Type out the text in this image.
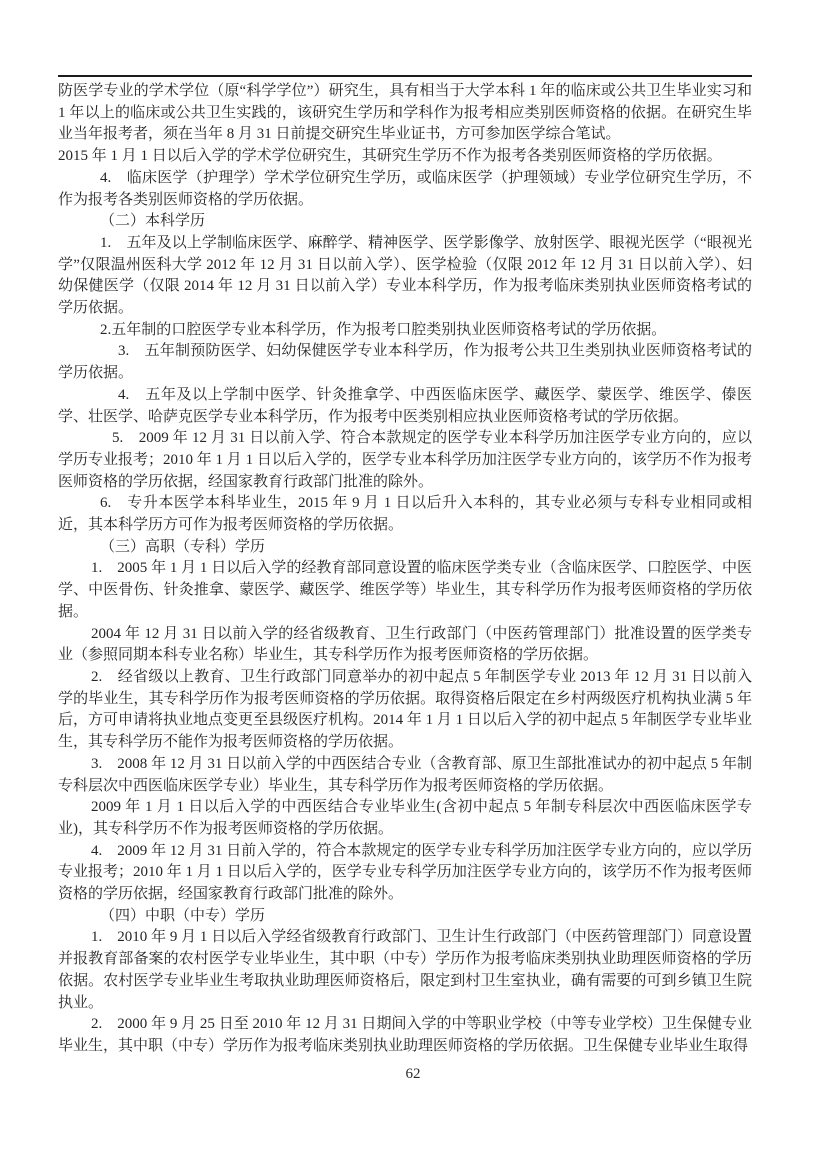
防医学专业的学术学位（原“科学学位”）研究生，具有相当于大学本科 1 年的临床或公共卫生毕业实习和 1 年以上的临床或公共卫生实践的，该研究生学历和学科作为报考相应类别医师资格的依据。在研究生毕业当年报考者，须在当年 8 月 31 日前提交研究生毕业证书，方可参加医学综合笔试。

2015 年 1 月 1 日以后入学的学术学位研究生，其研究生学历不作为报考各类别医师资格的学历依据。

4.　临床医学（护理学）学术学位研究生学历，或临床医学（护理领域）专业学位研究生学历，不作为报考各类别医师资格的学历依据。

（二）本科学历

1.　五年及以上学制临床医学、麻醉学、精神医学、医学影像学、放射医学、眼视光医学（“眼视光学”仅限温州医科大学 2012 年 12 月 31 日以前入学）、医学检验（仅限 2012 年 12 月 31 日以前入学）、妇幼保健医学（仅限 2014 年 12 月 31 日以前入学）专业本科学历，作为报考临床类别执业医师资格考试的学历依据。

2.五年制的口腔医学专业本科学历，作为报考口腔类别执业医师资格考试的学历依据。

3.　五年制预防医学、妇幼保健医学专业本科学历，作为报考公共卫生类别执业医师资格考试的学历依据。

4.　五年及以上学制中医学、针灸推拿学、中西医临床医学、藏医学、蒙医学、维医学、傣医学、壮医学、哈萨克医学专业本科学历，作为报考中医类别相应执业医师资格考试的学历依据。

5.　2009 年 12 月 31 日以前入学、符合本款规定的医学专业本科学历加注医学专业方向的，应以学历专业报考；2010 年 1 月 1 日以后入学的，医学专业本科学历加注医学专业方向的，该学历不作为报考医师资格的学历依据，经国家教育行政部门批准的除外。

6.　专升本医学本科毕业生，2015 年 9 月 1 日以后升入本科的，其专业必须与专科专业相同或相近，其本科学历方可作为报考医师资格的学历依据。

（三）高职（专科）学历

1.　2005 年 1 月 1 日以后入学的经教育部同意设置的临床医学类专业（含临床医学、口腔医学、中医学、中医骨伤、针灸推拿、蒙医学、藏医学、维医学等）毕业生，其专科学历作为报考医师资格的学历依据。

2004 年 12 月 31 日以前入学的经省级教育、卫生行政部门（中医药管理部门）批准设置的医学类专业（参照同期本科专业名称）毕业生，其专科学历作为报考医师资格的学历依据。

2.　经省级以上教育、卫生行政部门同意举办的初中起点 5 年制医学专业 2013 年 12 月 31 日以前入学的毕业生，其专科学历作为报考医师资格的学历依据。取得资格后限定在乡村两级医疗机构执业满 5 年后，方可申请将执业地点变更至县级医疗机构。2014 年 1 月 1 日以后入学的初中起点 5 年制医学专业毕业生，其专科学历不能作为报考医师资格的学历依据。

3.　2008 年 12 月 31 日以前入学的中西医结合专业（含教育部、原卫生部批准试办的初中起点 5 年制专科层次中西医临床医学专业）毕业生，其专科学历作为报考医师资格的学历依据。

2009 年 1 月 1 日以后入学的中西医结合专业毕业生(含初中起点 5 年制专科层次中西医临床医学专业)，其专科学历不作为报考医师资格的学历依据。

4.　2009 年 12 月 31 日前入学的，符合本款规定的医学专业专科学历加注医学专业方向的，应以学历专业报考；2010 年 1 月 1 日以后入学的，医学专业专科学历加注医学专业方向的，该学历不作为报考医师资格的学历依据，经国家教育行政部门批准的除外。

（四）中职（中专）学历

1.　2010 年 9 月 1 日以后入学经省级教育行政部门、卫生计生行政部门（中医药管理部门）同意设置并报教育部备案的农村医学专业毕业生，其中职（中专）学历作为报考临床类别执业助理医师资格的学历依据。农村医学专业毕业生考取执业助理医师资格后，限定到村卫生室执业，确有需要的可到乡镇卫生院执业。

2.　2000 年 9 月 25 日至 2010 年 12 月 31 日期间入学的中等职业学校（中等专业学校）卫生保健专业毕业生，其中职（中专）学历作为报考临床类别执业助理医师资格的学历依据。卫生保健专业毕业生取得

62
